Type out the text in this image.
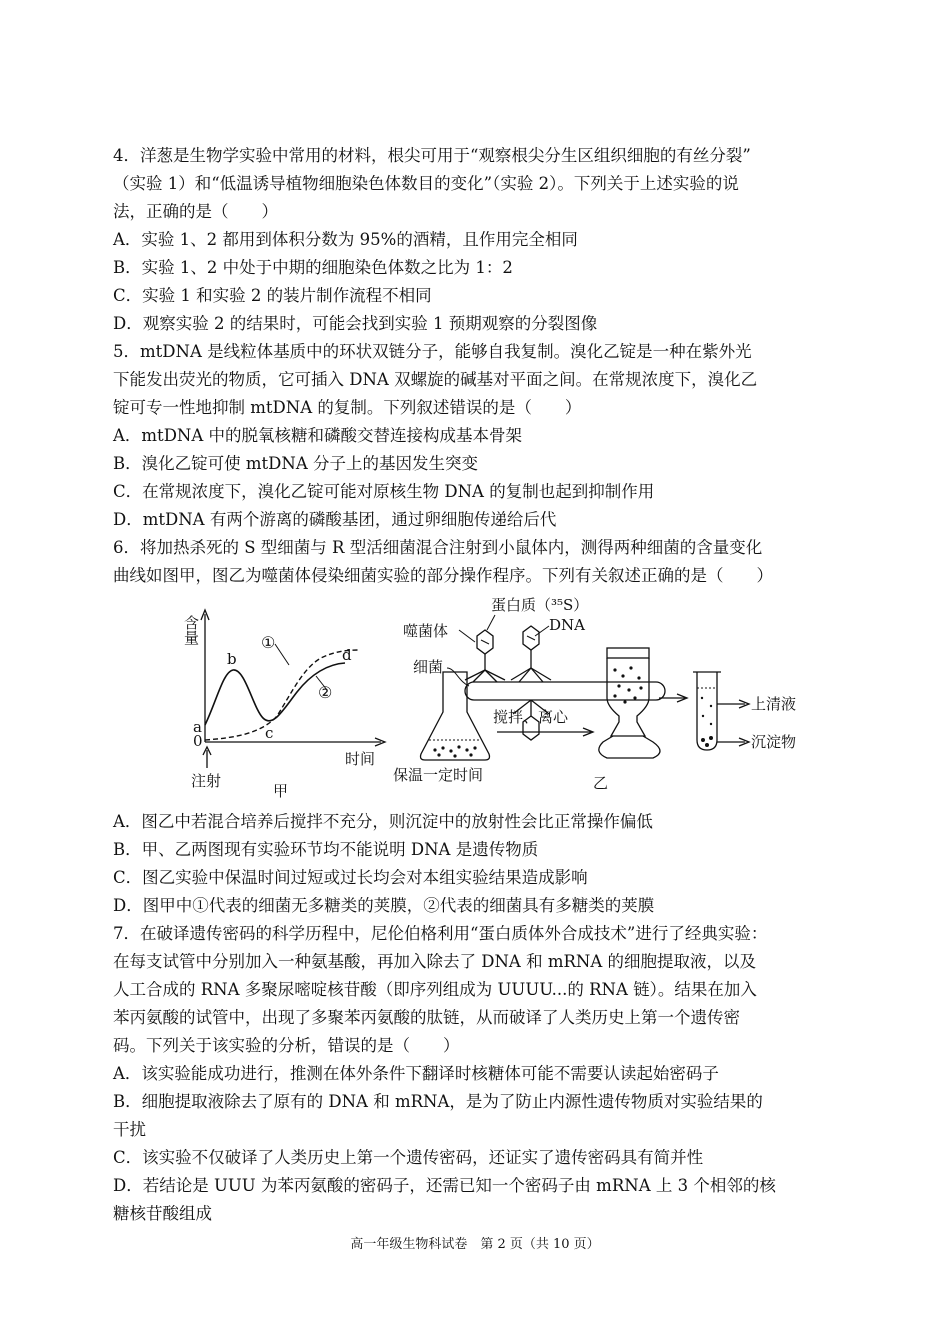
4．洋葱是生物学实验中常用的材料，根尖可用于“观察根尖分生区组织细胞的有丝分裂”
（实验 1）和“低温诱导植物细胞染色体数目的变化”（实验 2）。下列关于上述实验的说
法，正确的是（　　）
A．实验 1、2 都用到体积分数为 95%的酒精，且作用完全相同
B．实验 1、2 中处于中期的细胞染色体数之比为 1：2
C．实验 1 和实验 2 的装片制作流程不相同
D．观察实验 2 的结果时，可能会找到实验 1 预期观察的分裂图像
5．mtDNA 是线粒体基质中的环状双链分子，能够自我复制。溴化乙锭是一种在紫外光
下能发出荧光的物质，它可插入 DNA 双螺旋的碱基对平面之间。在常规浓度下，溴化乙
锭可专一性地抑制 mtDNA 的复制。下列叙述错误的是（　　）
A．mtDNA 中的脱氧核糖和磷酸交替连接构成基本骨架
B．溴化乙锭可使 mtDNA 分子上的基因发生突变
C．在常规浓度下，溴化乙锭可能对原核生物 DNA 的复制也起到抑制作用
D．mtDNA 有两个游离的磷酸基团，通过卵细胞传递给后代
6．将加热杀死的 S 型细菌与 R 型活细菌混合注射到小鼠体内，测得两种细菌的含量变化
曲线如图甲，图乙为噬菌体侵染细菌实验的部分操作程序。下列有关叙述正确的是（　　）
含量
0
a
b
c
d
①
②
时间
注射
甲
蛋白质（³⁵S）
DNA
噬菌体
细菌
搅拌、离心
保温一定时间
上清液
沉淀物
乙
A．图乙中若混合培养后搅拌不充分，则沉淀中的放射性会比正常操作偏低
B．甲、乙两图现有实验环节均不能说明 DNA 是遗传物质
C．图乙实验中保温时间过短或过长均会对本组实验结果造成影响
D．图甲中①代表的细菌无多糖类的荚膜，②代表的细菌具有多糖类的荚膜
7．在破译遗传密码的科学历程中，尼伦伯格利用“蛋白质体外合成技术”进行了经典实验：
在每支试管中分别加入一种氨基酸，再加入除去了 DNA 和 mRNA 的细胞提取液，以及
人工合成的 RNA 多聚尿嘧啶核苷酸（即序列组成为 UUUU...的 RNA 链）。结果在加入
苯丙氨酸的试管中，出现了多聚苯丙氨酸的肽链，从而破译了人类历史上第一个遗传密
码。下列关于该实验的分析，错误的是（　　）
A．该实验能成功进行，推测在体外条件下翻译时核糖体可能不需要认读起始密码子
B．细胞提取液除去了原有的 DNA 和 mRNA，是为了防止内源性遗传物质对实验结果的
干扰
C．该实验不仅破译了人类历史上第一个遗传密码，还证实了遗传密码具有简并性
D．若结论是 UUU 为苯丙氨酸的密码子，还需已知一个密码子由 mRNA 上 3 个相邻的核
糖核苷酸组成
高一年级生物科试卷　第 2 页（共 10 页）
